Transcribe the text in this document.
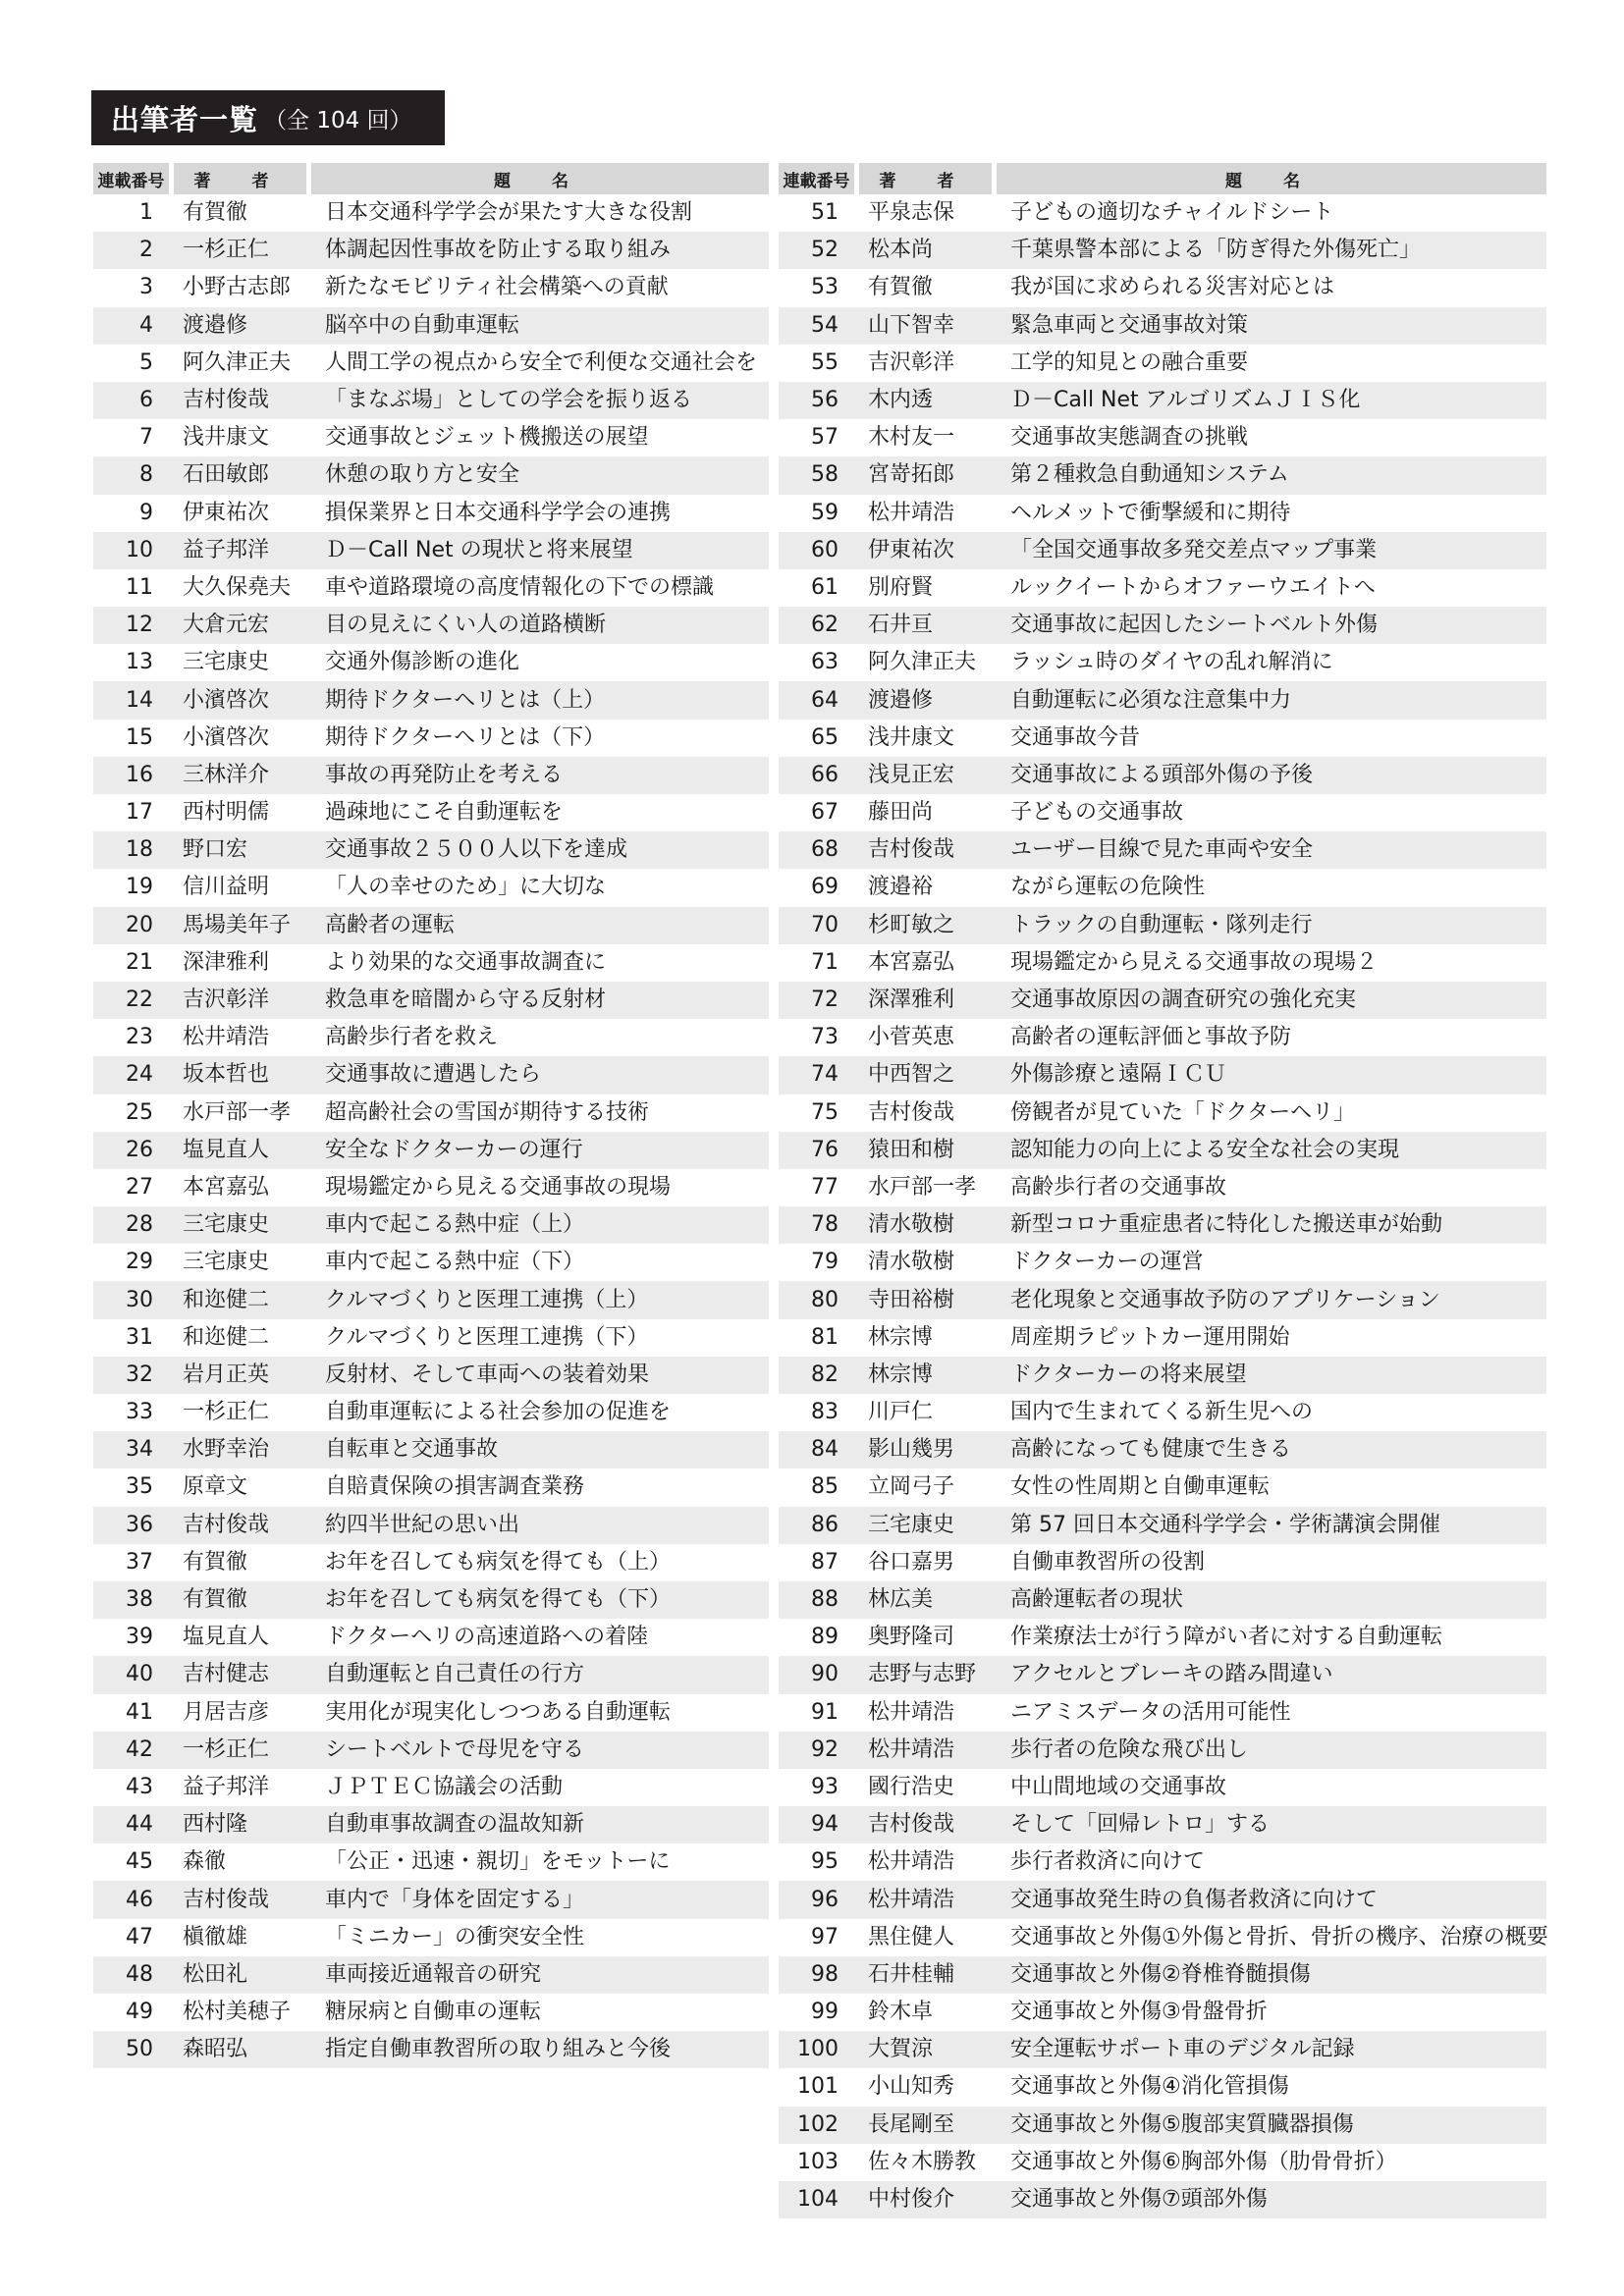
出筆者一覧 （全 104 回）
連載番号	著 者	題 名
1	有賀徹	日本交通科学学会が果たす大きな役割
2	一杉正仁	体調起因性事故を防止する取り組み
3	小野古志郎	新たなモビリティ社会構築への貢献
4	渡邉修	脳卒中の自動車運転
5	阿久津正夫	人間工学の視点から安全で利便な交通社会を
6	吉村俊哉	「まなぶ場」としての学会を振り返る
7	浅井康文	交通事故とジェット機搬送の展望
8	石田敏郎	休憩の取り方と安全
9	伊東祐次	損保業界と日本交通科学学会の連携
10	益子邦洋	Ｄ－Call Net の現状と将来展望
11	大久保堯夫	車や道路環境の高度情報化の下での標識
12	大倉元宏	目の見えにくい人の道路横断
13	三宅康史	交通外傷診断の進化
14	小濱啓次	期待ドクターヘリとは（上）
15	小濱啓次	期待ドクターヘリとは（下）
16	三林洋介	事故の再発防止を考える
17	西村明儒	過疎地にこそ自動運転を
18	野口宏	交通事故２５００人以下を達成
19	信川益明	「人の幸せのため」に大切な
20	馬場美年子	高齢者の運転
21	深津雅利	より効果的な交通事故調査に
22	吉沢彰洋	救急車を暗闇から守る反射材
23	松井靖浩	高齢歩行者を救え
24	坂本哲也	交通事故に遭遇したら
25	水戸部一孝	超高齢社会の雪国が期待する技術
26	塩見直人	安全なドクターカーの運行
27	本宮嘉弘	現場鑑定から見える交通事故の現場
28	三宅康史	車内で起こる熱中症（上）
29	三宅康史	車内で起こる熱中症（下）
30	和迩健二	クルマづくりと医理工連携（上）
31	和迩健二	クルマづくりと医理工連携（下）
32	岩月正英	反射材、そして車両への装着効果
33	一杉正仁	自動車運転による社会参加の促進を
34	水野幸治	自転車と交通事故
35	原章文	自賠責保険の損害調査業務
36	吉村俊哉	約四半世紀の思い出
37	有賀徹	お年を召しても病気を得ても（上）
38	有賀徹	お年を召しても病気を得ても（下）
39	塩見直人	ドクターヘリの高速道路への着陸
40	吉村健志	自動運転と自己責任の行方
41	月居吉彦	実用化が現実化しつつある自動運転
42	一杉正仁	シートベルトで母児を守る
43	益子邦洋	ＪＰＴＥＣ協議会の活動
44	西村隆	自動車事故調査の温故知新
45	森徹	「公正・迅速・親切」をモットーに
46	吉村俊哉	車内で「身体を固定する」
47	槇徹雄	「ミニカー」の衝突安全性
48	松田礼	車両接近通報音の研究
49	松村美穂子	糖尿病と自働車の運転
50	森昭弘	指定自働車教習所の取り組みと今後
連載番号	著 者	題 名
51	平泉志保	子どもの適切なチャイルドシート
52	松本尚	千葉県警本部による「防ぎ得た外傷死亡」
53	有賀徹	我が国に求められる災害対応とは
54	山下智幸	緊急車両と交通事故対策
55	吉沢彰洋	工学的知見との融合重要
56	木内透	Ｄ－Call Net アルゴリズムＪＩＳ化
57	木村友一	交通事故実態調査の挑戦
58	宮嵜拓郎	第２種救急自動通知システム
59	松井靖浩	ヘルメットで衝撃緩和に期待
60	伊東祐次	「全国交通事故多発交差点マップ事業
61	別府賢	ルックイートからオファーウエイトへ
62	石井亘	交通事故に起因したシートベルト外傷
63	阿久津正夫	ラッシュ時のダイヤの乱れ解消に
64	渡邉修	自動運転に必須な注意集中力
65	浅井康文	交通事故今昔
66	浅見正宏	交通事故による頭部外傷の予後
67	藤田尚	子どもの交通事故
68	吉村俊哉	ユーザー目線で見た車両や安全
69	渡邉裕	ながら運転の危険性
70	杉町敏之	トラックの自動運転・隊列走行
71	本宮嘉弘	現場鑑定から見える交通事故の現場２
72	深澤雅利	交通事故原因の調査研究の強化充実
73	小菅英恵	高齢者の運転評価と事故予防
74	中西智之	外傷診療と遠隔ＩＣＵ
75	吉村俊哉	傍観者が見ていた「ドクターヘリ」
76	猿田和樹	認知能力の向上による安全な社会の実現
77	水戸部一孝	高齢歩行者の交通事故
78	清水敬樹	新型コロナ重症患者に特化した搬送車が始動
79	清水敬樹	ドクターカーの運営
80	寺田裕樹	老化現象と交通事故予防のアプリケーション
81	林宗博	周産期ラピットカー運用開始
82	林宗博	ドクターカーの将来展望
83	川戸仁	国内で生まれてくる新生児への
84	影山幾男	高齢になっても健康で生きる
85	立岡弓子	女性の性周期と自働車運転
86	三宅康史	第 57 回日本交通科学学会・学術講演会開催
87	谷口嘉男	自働車教習所の役割
88	林広美	高齢運転者の現状
89	奥野隆司	作業療法士が行う障がい者に対する自動運転
90	志野与志野	アクセルとブレーキの踏み間違い
91	松井靖浩	ニアミスデータの活用可能性
92	松井靖浩	歩行者の危険な飛び出し
93	國行浩史	中山間地域の交通事故
94	吉村俊哉	そして「回帰レトロ」する
95	松井靖浩	歩行者救済に向けて
96	松井靖浩	交通事故発生時の負傷者救済に向けて
97	黒住健人	交通事故と外傷①外傷と骨折、骨折の機序、治療の概要
98	石井桂輔	交通事故と外傷②脊椎脊髄損傷
99	鈴木卓	交通事故と外傷③骨盤骨折
100	大賀涼	安全運転サポート車のデジタル記録
101	小山知秀	交通事故と外傷④消化管損傷
102	長尾剛至	交通事故と外傷⑤腹部実質臓器損傷
103	佐々木勝教	交通事故と外傷⑥胸部外傷（肋骨骨折）
104	中村俊介	交通事故と外傷⑦頭部外傷
